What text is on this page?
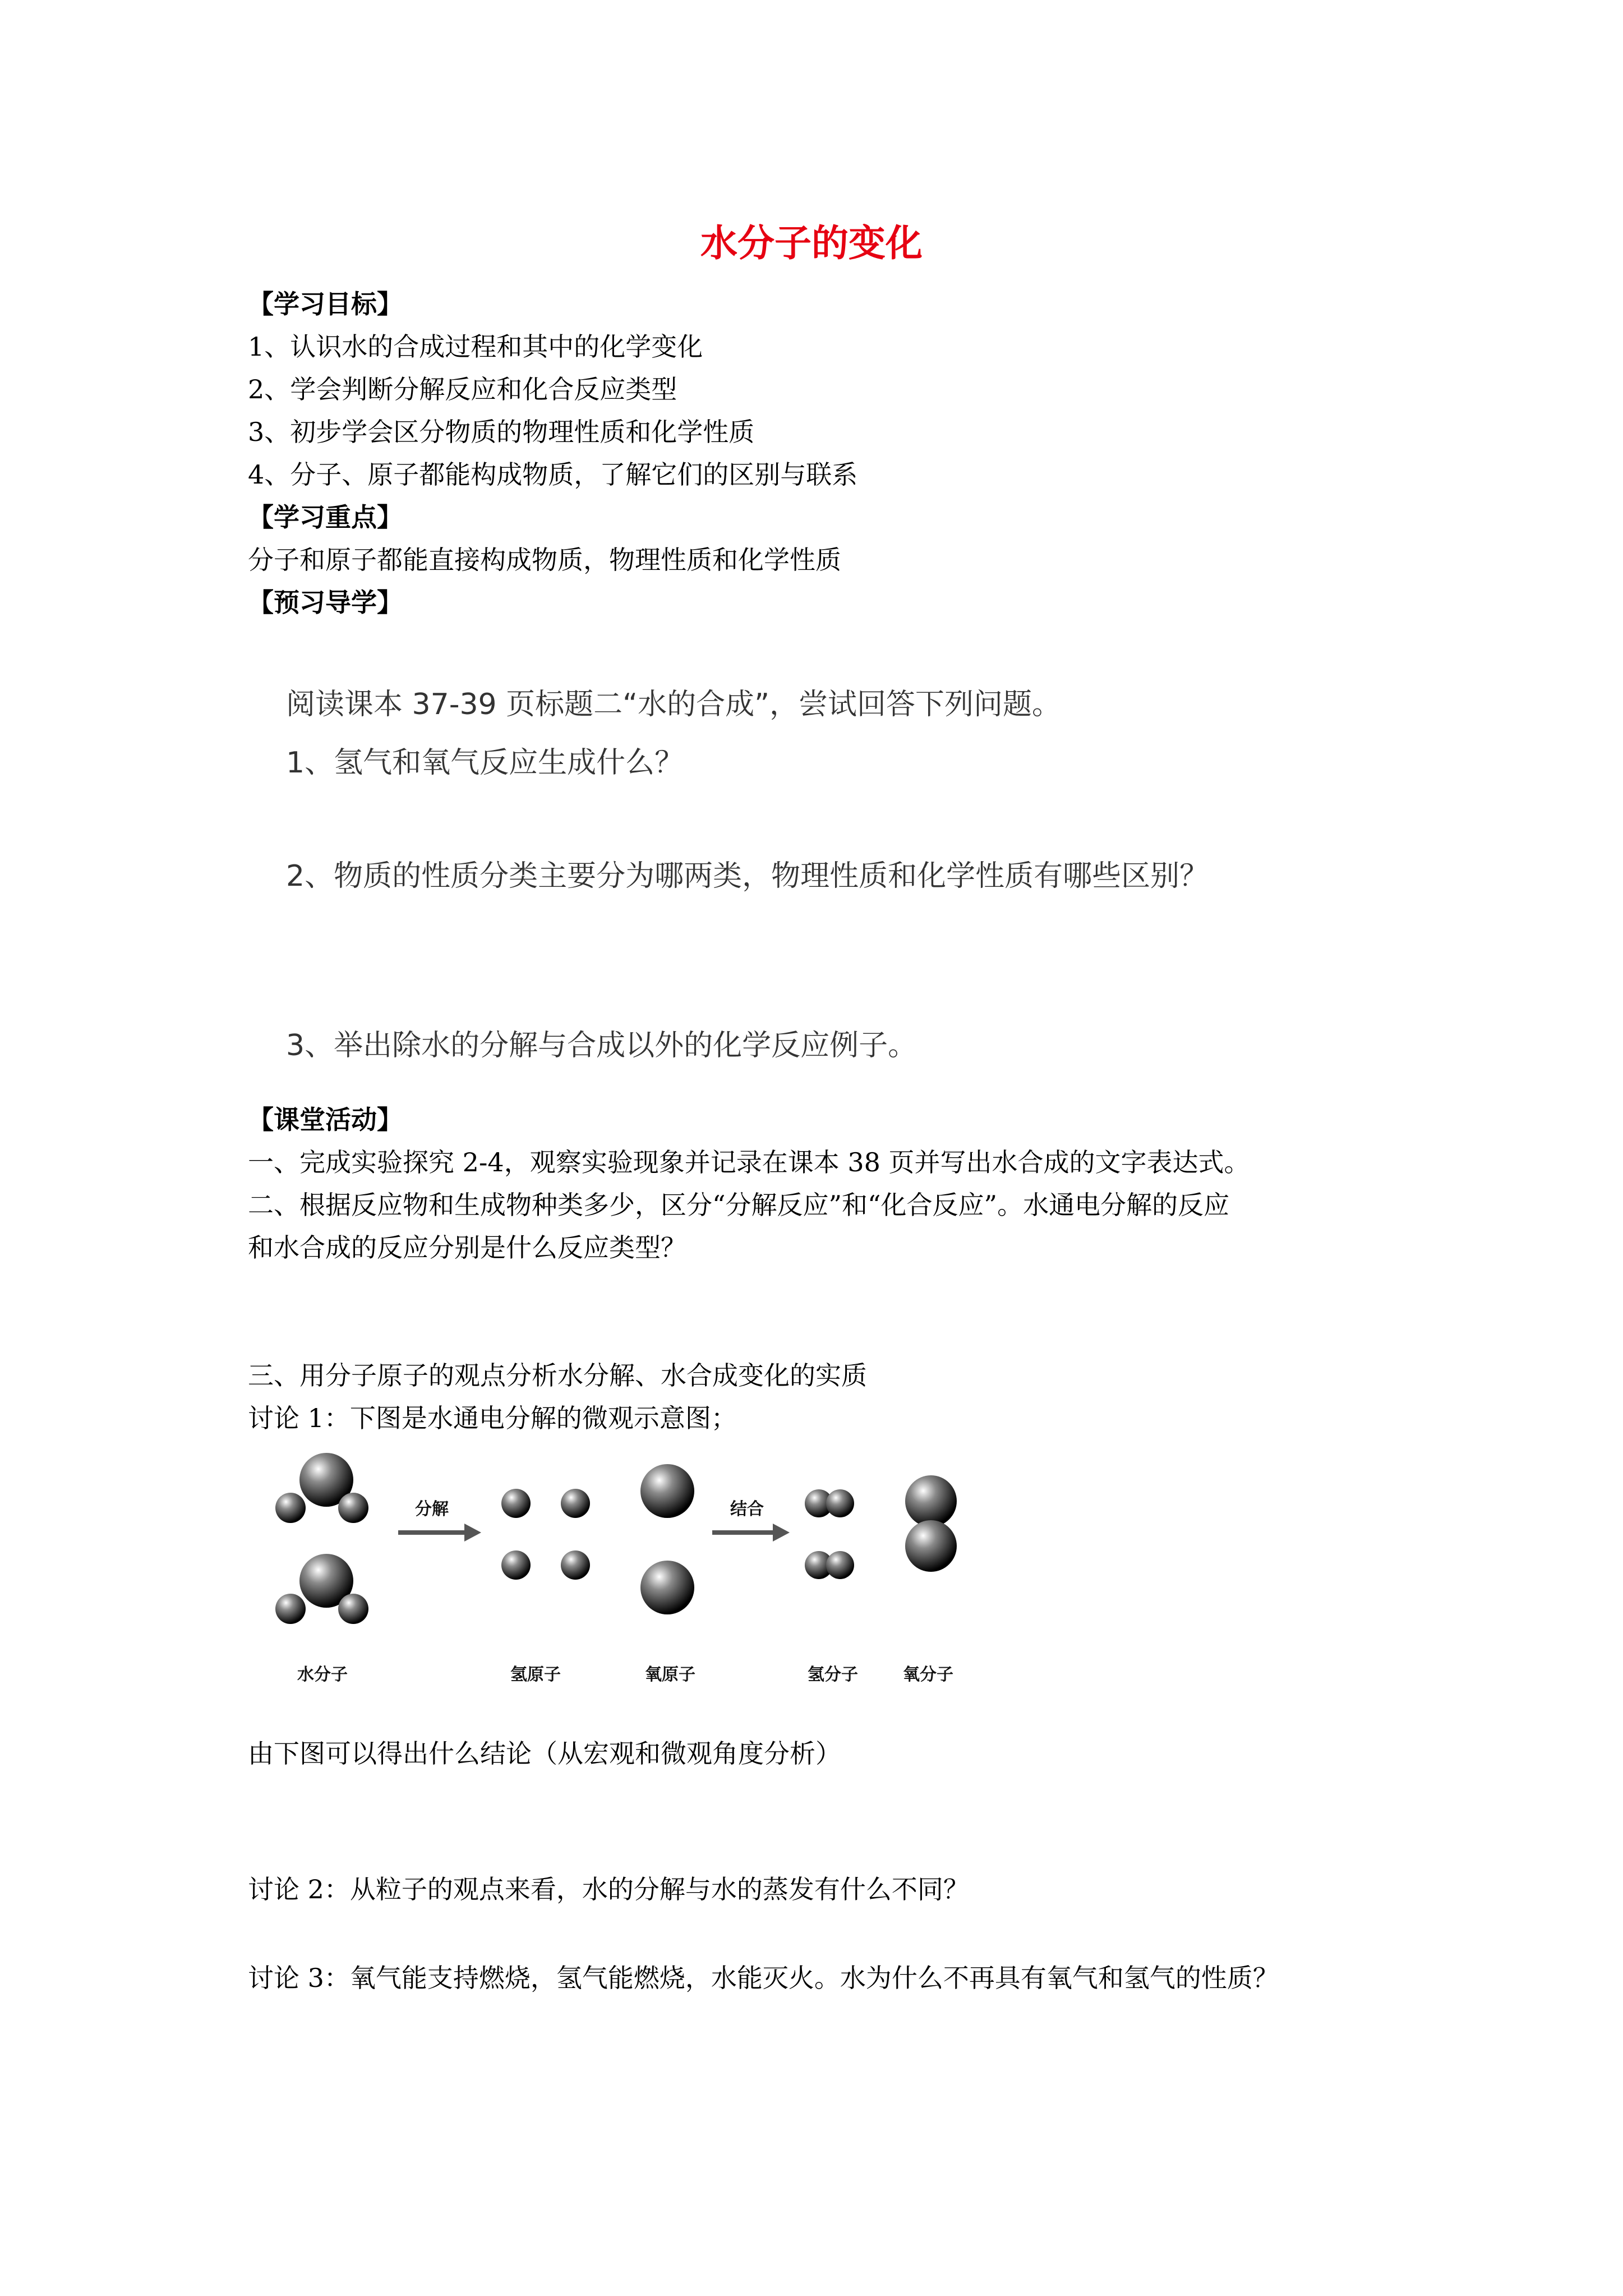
水分子的变化

【学习目标】

1、认识水的合成过程和其中的化学变化

2、学会判断分解反应和化合反应类型

3、初步学会区分物质的物理性质和化学性质

4、分子、原子都能构成物质，了解它们的区别与联系

【学习重点】

分子和原子都能直接构成物质，物理性质和化学性质

【预习导学】

阅读课本 37-39 页标题二“水的合成”，尝试回答下列问题。

1、氢气和氧气反应生成什么？

2、物质的性质分类主要分为哪两类，物理性质和化学性质有哪些区别？

3、举出除水的分解与合成以外的化学反应例子。

【课堂活动】

一、完成实验探究 2-4，观察实验现象并记录在课本 38 页并写出水合成的文字表达式。

二、根据反应物和生成物种类多少，区分“分解反应”和“化合反应”。水通电分解的反应

和水合成的反应分别是什么反应类型？

三、用分子原子的观点分析水分解、水合成变化的实质

讨论 1：下图是水通电分解的微观示意图；

分解	结合
水分子	氢原子	氧原子	氢分子	氧分子

由下图可以得出什么结论（从宏观和微观角度分析）

讨论 2：从粒子的观点来看，水的分解与水的蒸发有什么不同？

讨论 3：氧气能支持燃烧，氢气能燃烧，水能灭火。水为什么不再具有氧气和氢气的性质？
